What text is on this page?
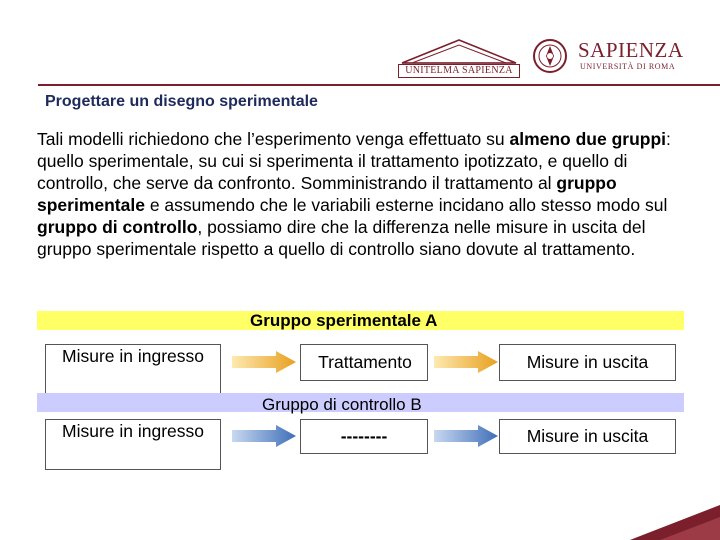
UNITELMA SAPIENZA
SAPIENZA
UNIVERSITÀ DI ROMA
Progettare un disegno sperimentale
Tali modelli richiedono che l’esperimento venga effettuato su almeno due gruppi: quello sperimentale, su cui si sperimenta il trattamento ipotizzato, e quello di controllo, che serve da confronto. Somministrando il trattamento al gruppo sperimentale e assumendo che le variabili esterne incidano allo stesso modo sul gruppo di controllo, possiamo dire che la differenza nelle misure in uscita del gruppo sperimentale rispetto a quello di controllo siano dovute al trattamento.
Gruppo sperimentale A
Misure in ingresso	Trattamento	Misure in uscita
Gruppo di controllo B
Misure in ingresso	--------	Misure in uscita
